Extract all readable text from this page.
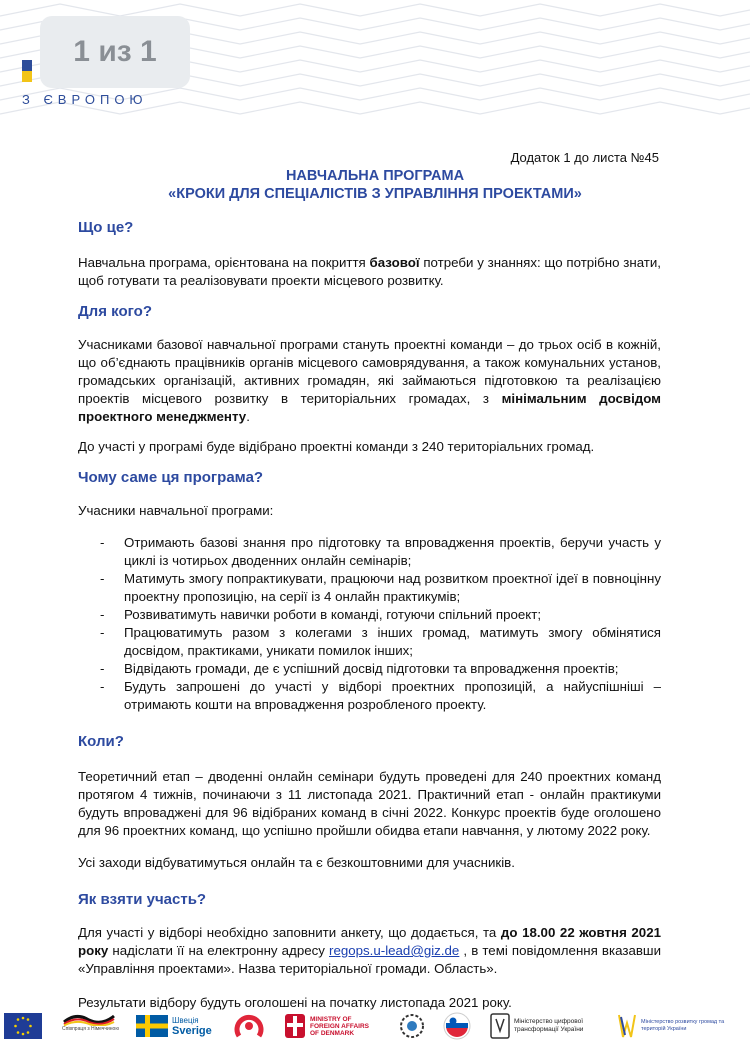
З ЄВРОПОЮ
1 из 1
Додаток 1 до листа №45
НАВЧАЛЬНА ПРОГРАМА
«КРОКИ ДЛЯ СПЕЦІАЛІСТІВ З УПРАВЛІННЯ ПРОЕКТАМИ»
Що це?

Навчальна програма, орієнтована на покриття базової потреби у знаннях: що потрібно знати, щоб готувати та реалізовувати проекти місцевого розвитку.

Для кого?

Учасниками базової навчальної програми стануть проектні команди – до трьох осіб в кожній, що об’єднають працівників органів місцевого самоврядування, а також комунальних установ, громадських організацій, активних громадян, які займаються підготовкою та реалізацією проектів місцевого розвитку в територіальних громадах, з мінімальним досвідом проектного менеджменту.

До участі у програмі буде відібрано проектні команди з 240 територіальних громад.

Чому саме ця програма?

Учасники навчальної програми:

- Отримають базові знання про підготовку та впровадження проектів, беручи участь у циклі із чотирьох дводенних онлайн семінарів;
- Матимуть змогу попрактикувати, працюючи над розвитком проектної ідеї в повноцінну проектну пропозицію, на серії із 4 онлайн практикумів;
- Розвиватимуть навички роботи в команді, готуючи спільний проект;
- Працюватимуть разом з колегами з інших громад, матимуть змогу обмінятися досвідом, практиками, уникати помилок інших;
- Відвідають громади, де є успішний досвід підготовки та впровадження проектів;
- Будуть запрошені до участі у відборі проектних пропозицій, а найуспішніші – отримають кошти на впровадження розробленого проекту.
Коли?

Теоретичний етап – дводенні онлайн семінари будуть проведені для 240 проектних команд протягом 4 тижнів, починаючи з 11 листопада 2021. Практичний етап - онлайн практикуми будуть впроваджені для 96 відібраних команд в січні 2022. Конкурс проектів буде оголошено для 96 проектних команд, що успішно пройшли обидва етапи навчання, у лютому 2022 року.

Усі заходи відбуватимуться онлайн та є безкоштовними для учасників.

Як взяти участь?

Для участі у відборі необхідно заповнити анкету, що додається, та до 18.00 22 жовтня 2021 року надіслати її на електронну адресу regops.u-lead@giz.de , в темі повідомлення вказавши «Управління проектами». Назва територіальної громади. Область».

Результати відбору будуть оголошені на початку листопада 2021 року.

Співпраця з Німеччиною
Швеція
Sverige
MINISTRY OF FOREIGN AFFAIRS OF DENMARK
Міністерство цифрової трансформації України
Міністерство розвитку громад та територій України
